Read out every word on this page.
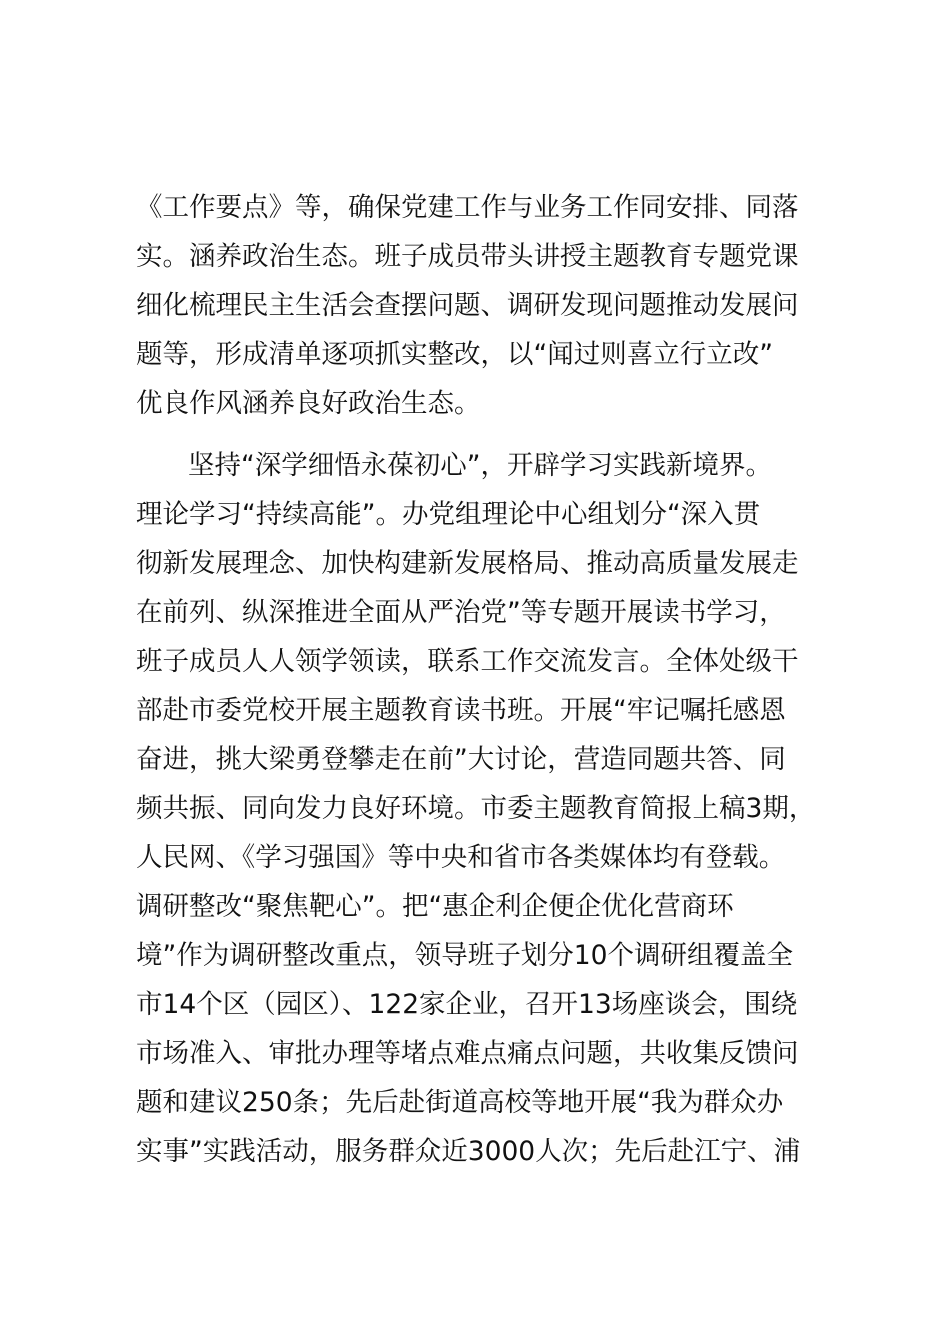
《工作要点》等，确保党建工作与业务工作同安排、同落
实。涵养政治生态。班子成员带头讲授主题教育专题党课
细化梳理民主生活会查摆问题、调研发现问题推动发展问
题等，形成清单逐项抓实整改，以“闻过则喜立行立改”
优良作风涵养良好政治生态。
坚持“深学细悟永葆初心”，开辟学习实践新境界。
理论学习“持续高能”。办党组理论中心组划分“深入贯
彻新发展理念、加快构建新发展格局、推动高质量发展走
在前列、纵深推进全面从严治党”等专题开展读书学习，
班子成员人人领学领读，联系工作交流发言。全体处级干
部赴市委党校开展主题教育读书班。开展“牢记嘱托感恩
奋进，挑大梁勇登攀走在前”大讨论，营造同题共答、同
频共振、同向发力良好环境。市委主题教育简报上稿3期，
人民网、《学习强国》等中央和省市各类媒体均有登载。
调研整改“聚焦靶心”。把“惠企利企便企优化营商环
境”作为调研整改重点，领导班子划分10个调研组覆盖全
市14个区（园区）、122家企业，召开13场座谈会，围绕
市场准入、审批办理等堵点难点痛点问题，共收集反馈问
题和建议250条；先后赴街道高校等地开展“我为群众办
实事”实践活动，服务群众近3000人次；先后赴江宁、浦
